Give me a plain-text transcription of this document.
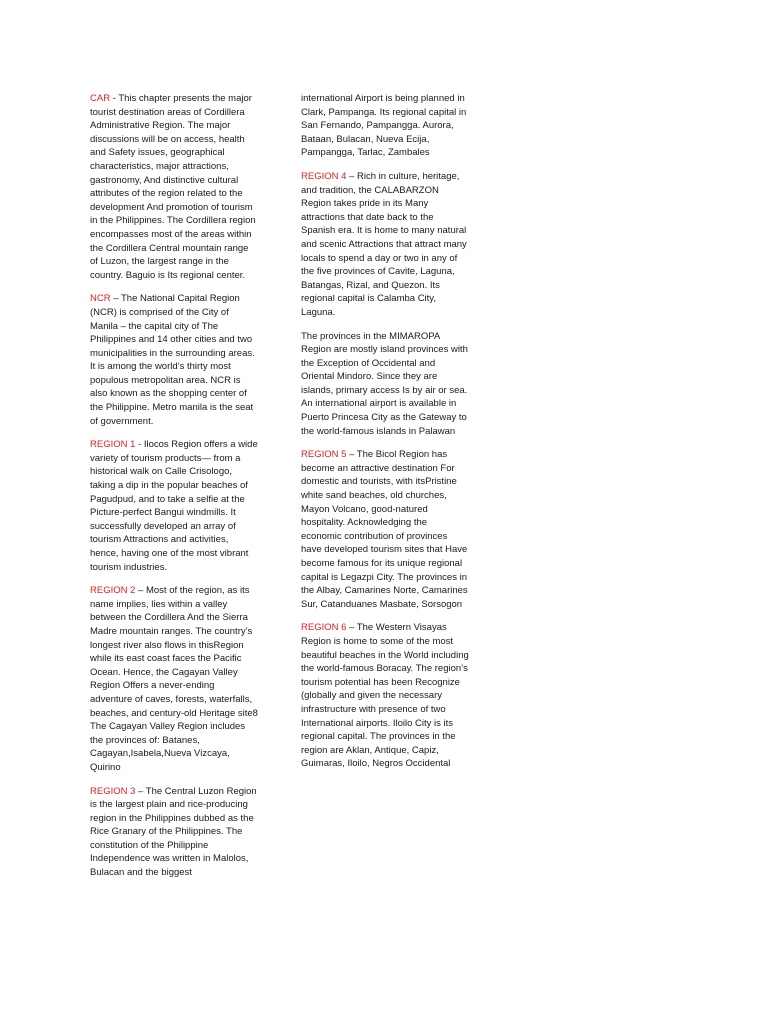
CAR - This chapter presents the major tourist destination areas of Cordillera Administrative Region. The major discussions will be on access, health and Safety issues, geographical characteristics, major attractions, gastronomy, And distinctive cultural attributes of the region related to the development And promotion of tourism in the Philippines. The Cordillera region encompasses most of the areas within the Cordillera Central mountain range of Luzon, the largest range in the country. Baguio is Its regional center.

NCR – The National Capital Region (NCR) is comprised of the City of Manila – the capital city of The Philippines and 14 other cities and two municipalities in the surrounding areas. It is among the world’s thirty most populous metropolitan area. NCR is also known as the shopping center of the Philippine. Metro manila is the seat of government.

REGION 1 - Ilocos Region offers a wide variety of tourism products— from a historical walk on Calle Crisologo, taking a dip in the popular beaches of Pagudpud, and to take a selfie at the Picture-perfect Bangui windmills. It successfully developed an array of tourism Attractions and activities, hence, having one of the most vibrant tourism industries.

REGION 2 – Most of the region, as its name implies, lies within a valley between the Cordillera And the Sierra Madre mountain ranges. The country’s longest river also flows in thisRegion while its east coast faces the Pacific Ocean. Hence, the Cagayan Valley Region Offers a never-ending adventure of caves, forests, waterfalls, beaches, and century-old Heritage site8 The Cagayan Valley Region includes the provinces of: Batanes, Cagayan,Isabela,Nueva Vizcaya, Quirino

REGION 3 – The Central Luzon Region is the largest plain and rice-producing region in the Philippines dubbed as the Rice Granary of the Philippines. The constitution of the Philippine Independence was written in Malolos, Bulacan and the biggest

international Airport is being planned in Clark, Pampanga. Its regional capital in San Fernando, Pampangga. Aurora, Bataan, Bulacan, Nueva Ecija, Pampangga, Tarlac, Zambales

REGION 4 – Rich in culture, heritage, and tradition, the CALABARZON Region takes pride in its Many attractions that date back to the Spanish era. It is home to many natural and scenic Attractions that attract many locals to spend a day or two in any of the five provinces of Cavite, Laguna, Batangas, Rizal, and Quezon. Its regional capital is Calamba City, Laguna.

The provinces in the MIMAROPA Region are mostly island provinces with the Exception of Occidental and Oriental Mindoro. Since they are islands, primary access Is by air or sea. An international airport is available in Puerto Princesa City as the Gateway to the world-famous islands in Palawan

REGION 5 – The Bicol Region has become an attractive destination For domestic and tourists, with itsPristine white sand beaches, old churches, Mayon Volcano, good-natured hospitality. Acknowledging the economic contribution of provinces have developed tourism sites that Have become famous for its unique regional capital is Legazpi City. The provinces in the Albay, Camarines Norte, Camarines Sur, Catanduanes Masbate, Sorsogon

REGION 6 – The Western Visayas Region is home to some of the most beautiful beaches in the World including the world-famous Boracay. The region’s tourism potential has been Recognize (globally and given the necessary infrastructure with presence of two International airports. Iloilo City is its regional capital. The provinces in the region are Aklan, Antique, Capiz, Guimaras, Iloilo, Negros Occidental
